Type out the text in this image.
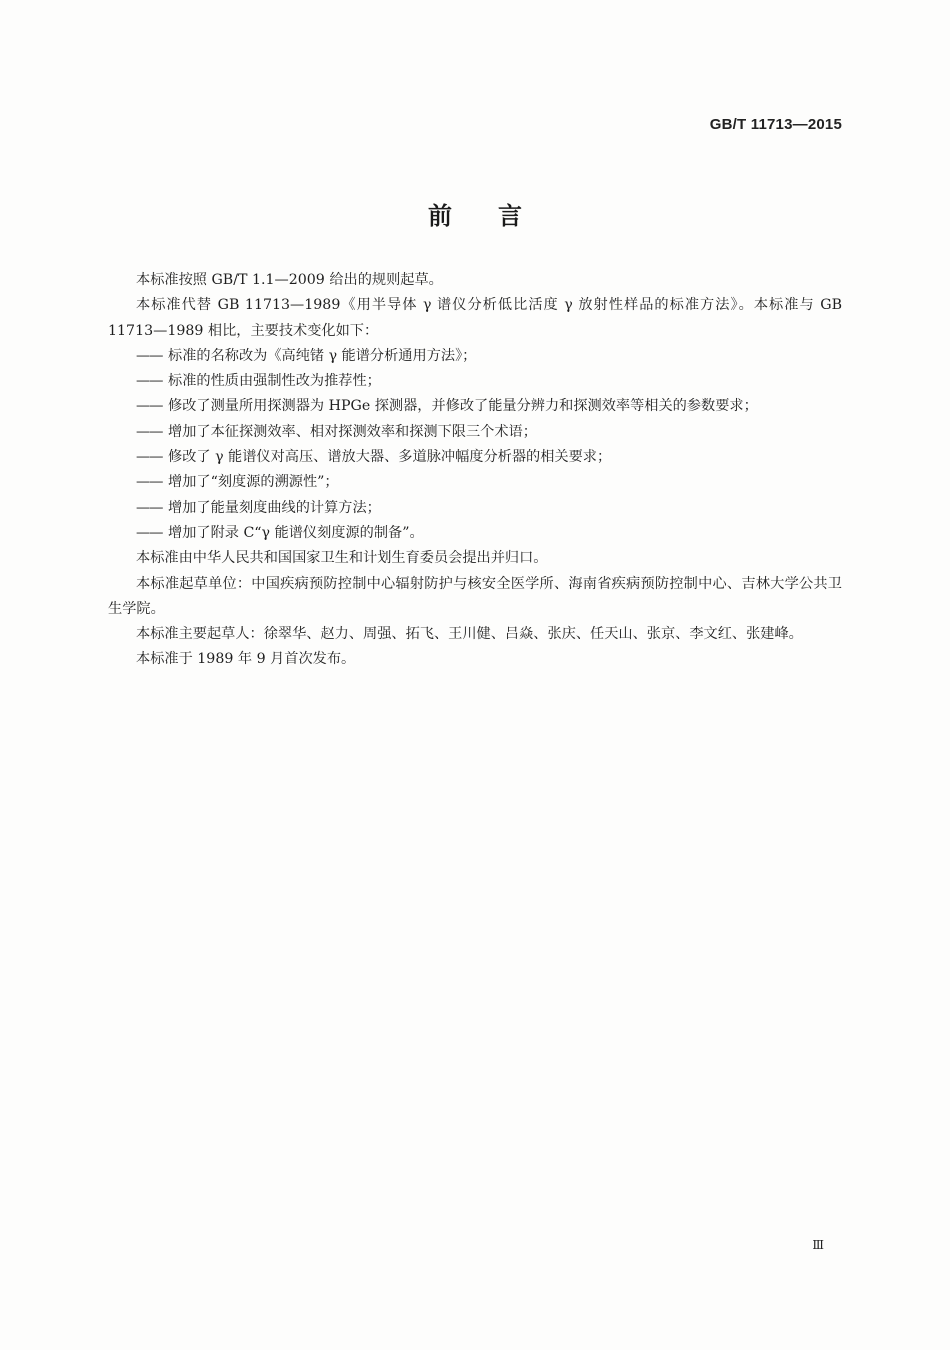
GB/T 11713—2015
前言

本标准按照 GB/T 1.1—2009 给出的规则起草。

本标准代替 GB 11713—1989《用半导体 γ 谱仪分析低比活度 γ 放射性样品的标准方法》。本标准与 GB 11713—1989 相比，主要技术变化如下：

—— 标准的名称改为《高纯锗 γ 能谱分析通用方法》；

—— 标准的性质由强制性改为推荐性；

—— 修改了测量所用探测器为 HPGe 探测器，并修改了能量分辨力和探测效率等相关的参数要求；

—— 增加了本征探测效率、相对探测效率和探测下限三个术语；

—— 修改了 γ 能谱仪对高压、谱放大器、多道脉冲幅度分析器的相关要求；

—— 增加了“刻度源的溯源性”；

—— 增加了能量刻度曲线的计算方法；

—— 增加了附录 C“γ 能谱仪刻度源的制备”。

本标准由中华人民共和国国家卫生和计划生育委员会提出并归口。

本标准起草单位：中国疾病预防控制中心辐射防护与核安全医学所、海南省疾病预防控制中心、吉林大学公共卫生学院。

本标准主要起草人：徐翠华、赵力、周强、拓飞、王川健、吕焱、张庆、任天山、张京、李文红、张建峰。

本标准于 1989 年 9 月首次发布。

Ⅲ
